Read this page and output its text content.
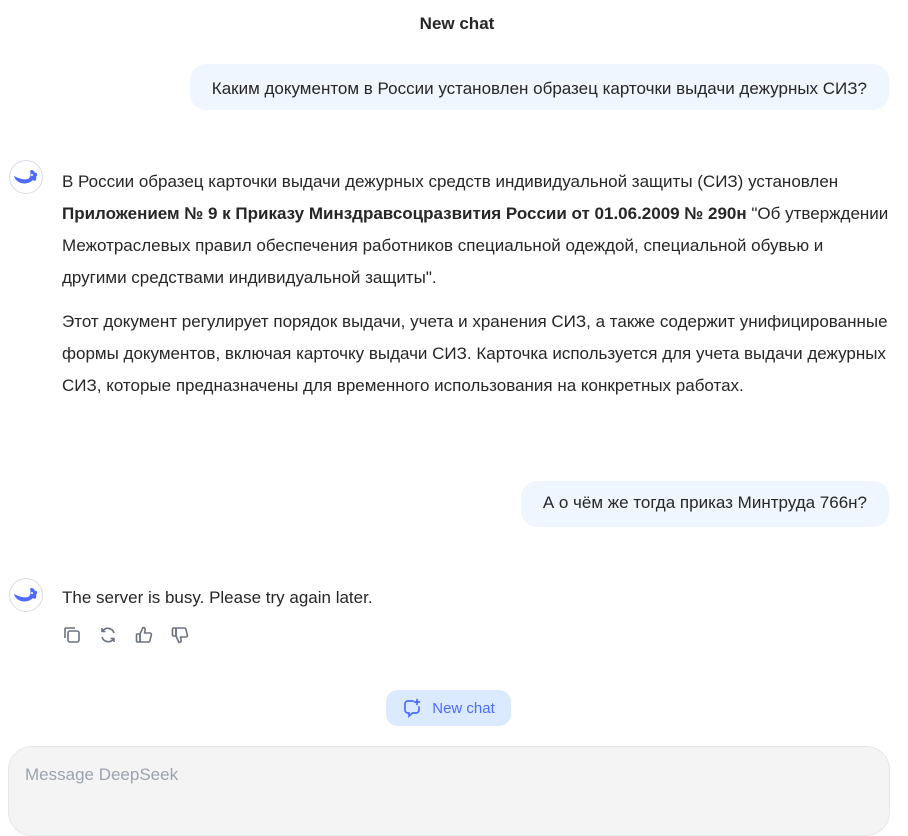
New chat
Каким документом в России установлен образец карточки выдачи дежурных СИЗ?

В России образец карточки выдачи дежурных средств индивидуальной защиты (СИЗ) установлен Приложением № 9 к Приказу Минздравсоцразвития России от 01.06.2009 № 290н "Об утверждении Межотраслевых правил обеспечения работников специальной одеждой, специальной обувью и другими средствами индивидуальной защиты".

Этот документ регулирует порядок выдачи, учета и хранения СИЗ, а также содержит унифицированные формы документов, включая карточку выдачи СИЗ. Карточка используется для учета выдачи дежурных СИЗ, которые предназначены для временного использования на конкретных работах.

А о чём же тогда приказ Минтруда 766н?
The server is busy. Please try again later.
New chat
Message DeepSeek
